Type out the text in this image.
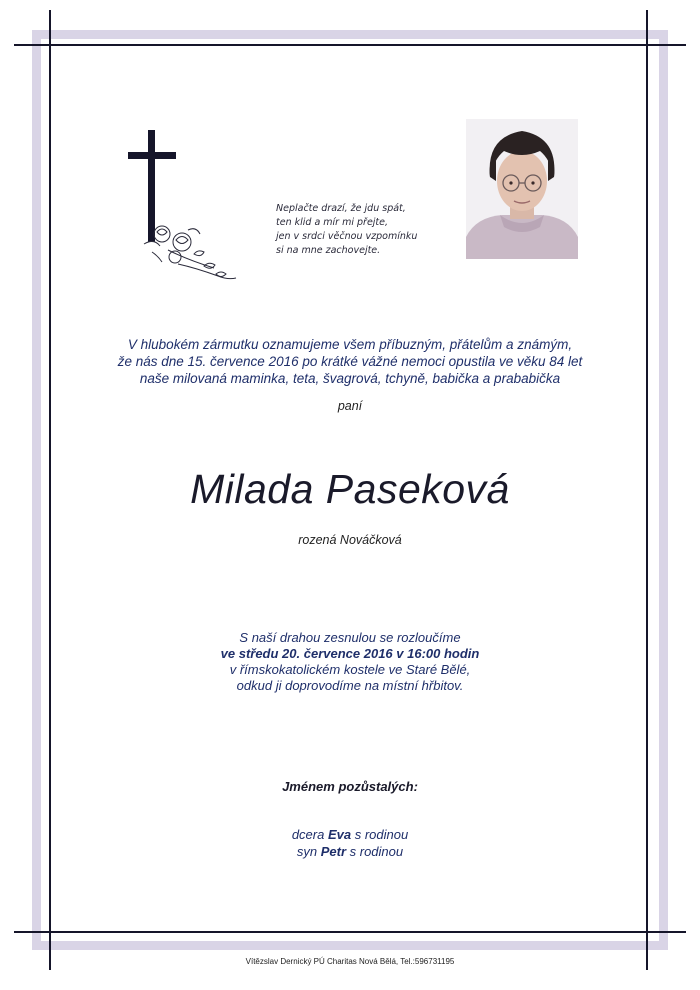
Neplačte drazí, že jdu spát,
ten klid a mír mi přejte,
jen v srdci věčnou vzpomínku
si na mne zachovejte.
V hlubokém zármutku oznamujeme všem příbuzným, přátelům a známým,
že nás dne 15. července 2016 po krátké vážné nemoci opustila ve věku 84 let
naše milovaná maminka, teta, švagrová, tchyně, babička a prababička
paní
Milada Paseková
rozená Nováčková
S naší drahou zesnulou se rozloučíme
ve středu 20. července 2016 v 16:00 hodin
v římskokatolickém kostele ve Staré Bělé,
odkud ji doprovodíme na místní hřbitov.
Jménem pozůstalých:
dcera Eva s rodinou
syn Petr s rodinou
Vítězslav Dernický PÚ Charitas Nová Bělá, Tel.:596731195
